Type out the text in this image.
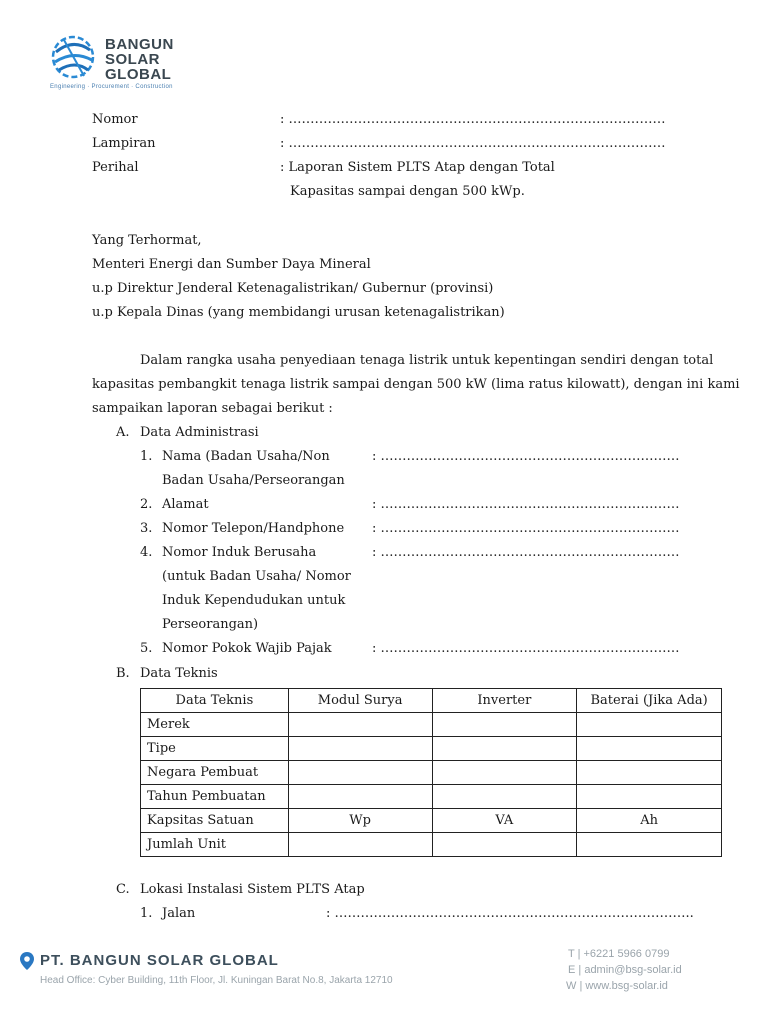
BANGUN
SOLAR
GLOBAL
Engineering · Procurement · Construction
Nomor	: ……………………………………………………………………………
Lampiran	: ……………………………………………………………………………
Perihal	: Laporan Sistem PLTS Atap dengan Total
Kapasitas sampai dengan 500 kWp.
Yang Terhormat,
Menteri Energi dan Sumber Daya Mineral
u.p Direktur Jenderal Ketenagalistrikan/ Gubernur (provinsi)
u.p Kepala Dinas (yang membidangi urusan ketenagalistrikan)
Dalam rangka usaha penyediaan tenaga listrik untuk kepentingan sendiri dengan total
kapasitas pembangkit tenaga listrik sampai dengan 500 kW (lima ratus kilowatt), dengan ini kami
sampaikan laporan sebagai berikut :
A. Data Administrasi
1. Nama (Badan Usaha/Non
Badan Usaha/Perseorangan
: ……………………………………………………………
2. Alamat	: ……………………………………………………………
3. Nomor Telepon/Handphone : ……………………………………………………………
4. Nomor Induk Berusaha
(untuk Badan Usaha/ Nomor
Induk Kependudukan untuk
Perseorangan)
: ……………………………………………………………
5. Nomor Pokok Wajib Pajak	: ……………………………………………………………
B. Data Teknis
Data Teknis	Modul Surya	Inverter	Baterai (Jika Ada)
Merek			
Tipe			
Negara Pembuat			
Tahun Pembuatan			
Kapsitas Satuan	Wp	VA	Ah
Jumlah Unit			
C. Lokasi Instalasi Sistem PLTS Atap
1. Jalan	: ………………………………………………………………………..
PT. BANGUN SOLAR GLOBAL
Head Office: Cyber Building, 11th Floor, Jl. Kuningan Barat No.8, Jakarta 12710
T | +6221 5966 0799
E | admin@bsg-solar.id
W | www.bsg-solar.id
